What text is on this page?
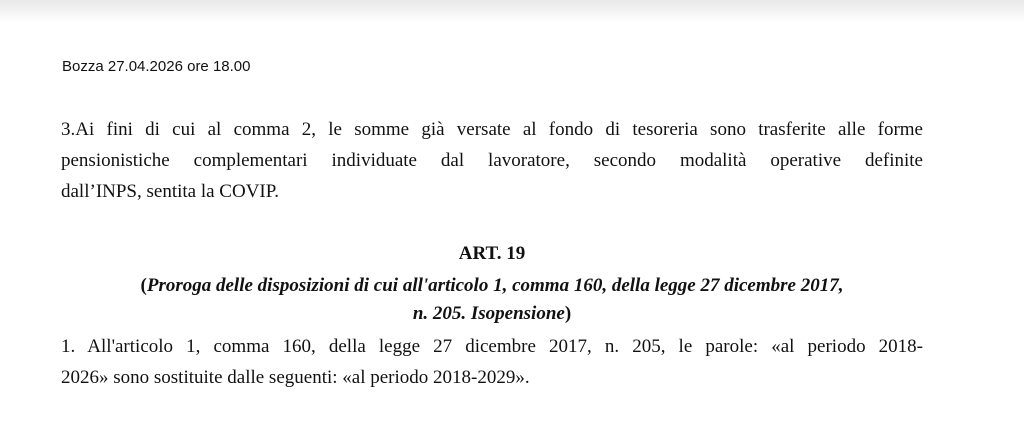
Bozza 27.04.2026 ore 18.00
3.Ai fini di cui al comma 2, le somme già versate al fondo di tesoreria sono trasferite alle forme
pensionistiche complementari individuate dal lavoratore, secondo modalità operative definite
dall’INPS, sentita la COVIP.
ART. 19
(Proroga delle disposizioni di cui all'articolo 1, comma 160, della legge 27 dicembre 2017,
n. 205. Isopensione)
1. All'articolo 1, comma 160, della legge 27 dicembre 2017, n. 205, le parole: «al periodo 2018-
2026» sono sostituite dalle seguenti: «al periodo 2018-2029».
